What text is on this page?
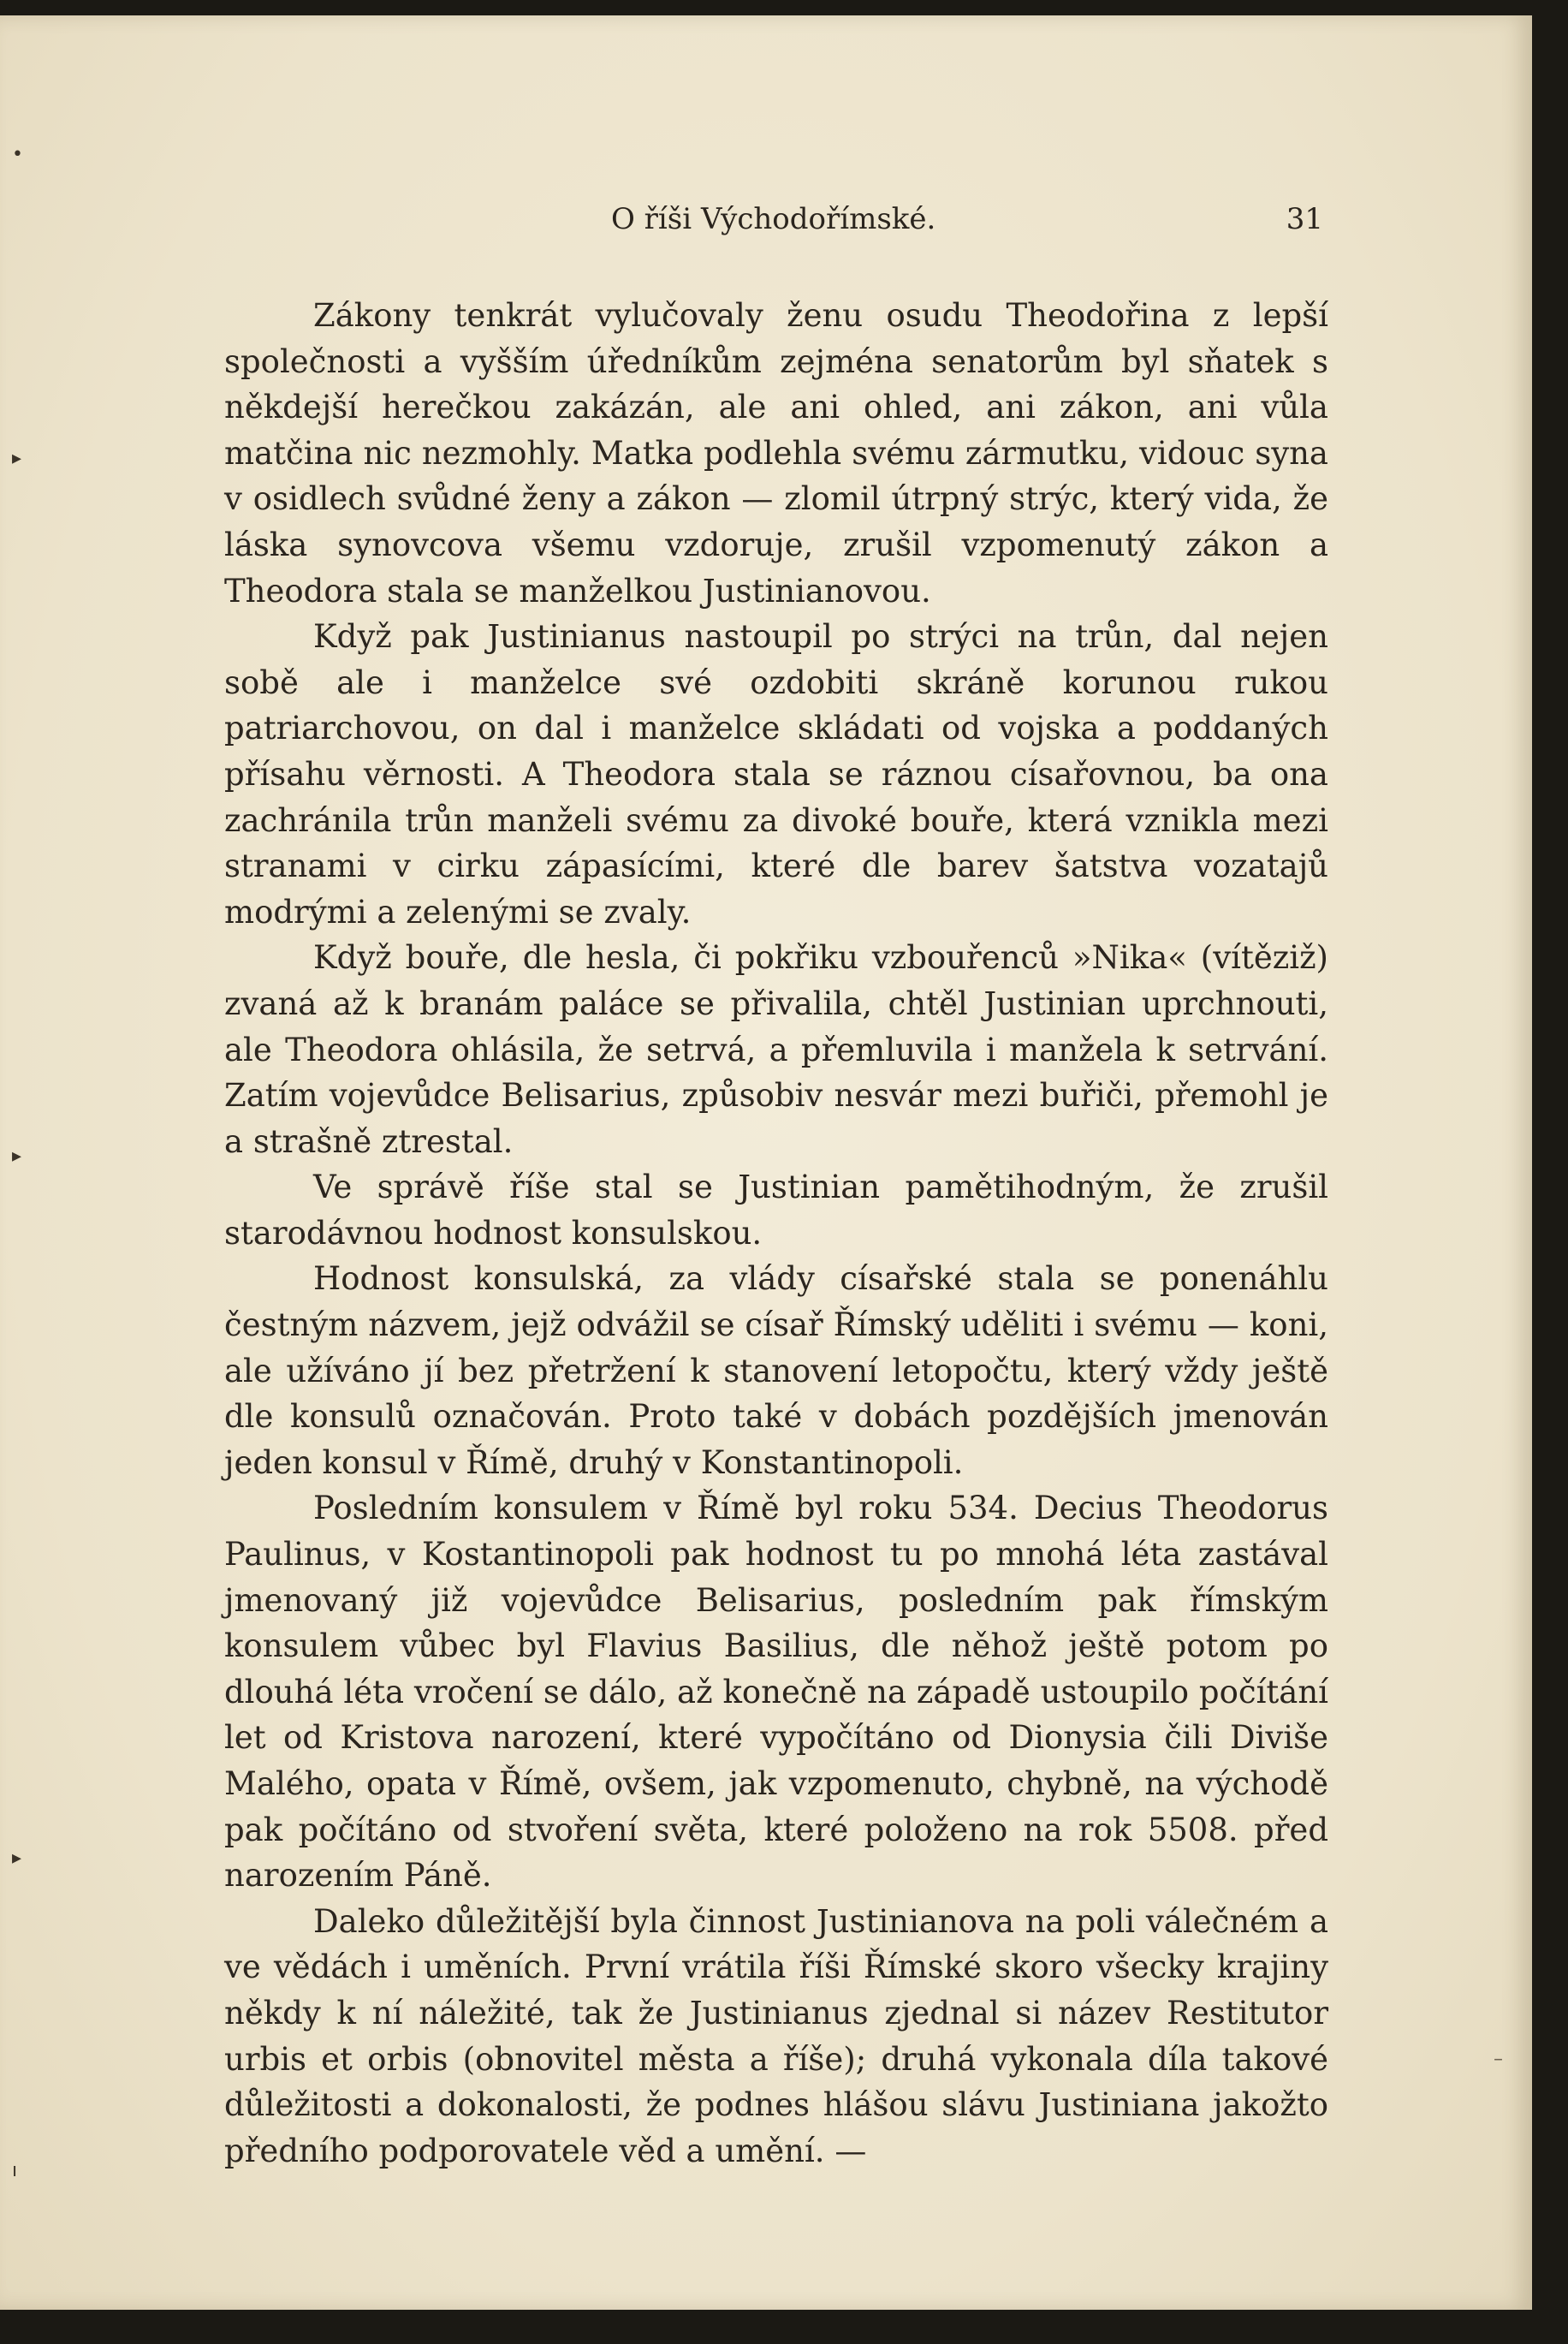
•
▸
▸
▸
ı
O říši Východořímské.	31

Zákony tenkrát vylučovaly ženu osudu Theodořina z lepší společnosti a vyšším úředníkům zejména senatorům byl sňatek s někdejší herečkou zakázán, ale ani ohled, ani zákon, ani vůla matčina nic nezmohly. Matka podlehla svému zármutku, vidouc syna v osidlech svůdné ženy a zákon — zlomil útrpný strýc, který vida, že láska synovcova všemu vzdoruje, zrušil vzpomenutý zákon a Theodora stala se manželkou Justinianovou.

Když pak Justinianus nastoupil po strýci na trůn, dal nejen sobě ale i manželce své ozdobiti skráně korunou rukou patriarchovou, on dal i manželce skládati od vojska a poddaných přísahu věrnosti. A Theodora stala se ráznou císařovnou, ba ona zachránila trůn manželi svému za divoké bouře, která vznikla mezi stranami v cirku zápasícími, které dle barev šatstva vozatajů modrými a zelenými se zvaly.

Když bouře, dle hesla, či pokřiku vzbouřenců »Nika« (vítěziž) zvaná až k branám paláce se přivalila, chtěl Justinian uprchnouti, ale Theodora ohlásila, že setrvá, a přemluvila i manžela k setrvání. Zatím vojevůdce Belisarius, způsobiv nesvár mezi buřiči, přemohl je a strašně ztrestal.

Ve správě říše stal se Justinian pamětihodným, že zrušil starodávnou hodnost konsulskou.

Hodnost konsulská, za vlády císařské stala se ponenáhlu čestným názvem, jejž odvážil se císař Římský uděliti i svému — koni, ale užíváno jí bez přetržení k stanovení letopočtu, který vždy ještě dle konsulů označován. Proto také v dobách pozdějších jmenován jeden konsul v Římě, druhý v Konstantinopoli.

Posledním konsulem v Římě byl roku 534. Decius Theodorus Paulinus, v Kostantinopoli pak hodnost tu po mnohá léta zastával jmenovaný již vojevůdce Belisarius, posledním pak římským konsulem vůbec byl Flavius Basilius, dle něhož ještě potom po dlouhá léta vročení se dálo, až konečně na západě ustoupilo počítání let od Kristova narození, které vypočítáno od Dionysia čili Diviše Malého, opata v Římě, ovšem, jak vzpomenuto, chybně, na východě pak počítáno od stvoření světa, které položeno na rok 5508. před narozením Páně.

Daleko důležitější byla činnost Justinianova na poli válečném a ve vědách i uměních. První vrátila říši Římské skoro všecky krajiny někdy k ní náležité, tak že Justinianus zjednal si název Restitutor urbis et orbis (obnovitel města a říše); druhá vykonala díla takové důležitosti a dokonalosti, že podnes hlášou slávu Justiniana jakožto předního podporovatele věd a umění. —

–
